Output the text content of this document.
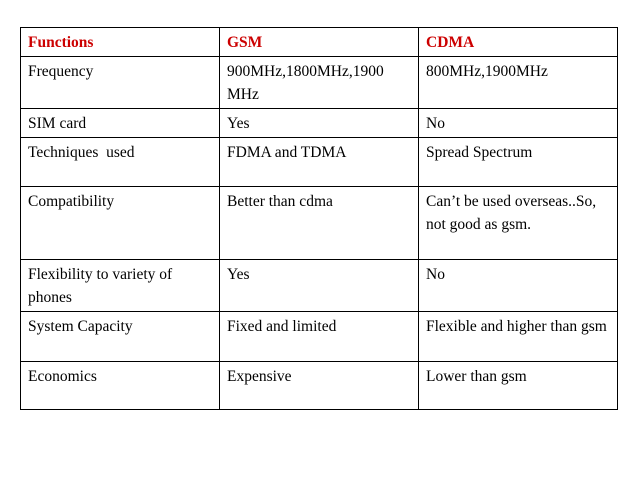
Functions	GSM	CDMA
Frequency	900MHz,1800MHz,1900 MHz	800MHz,1900MHz
SIM card	Yes	No
Techniques  used	FDMA and TDMA	Spread Spectrum
Compatibility	Better than cdma	Can’t be used overseas..So, not good as gsm.
Flexibility to variety of phones	Yes	No
System Capacity	Fixed and limited	Flexible and higher than gsm
Economics	Expensive	Lower than gsm
